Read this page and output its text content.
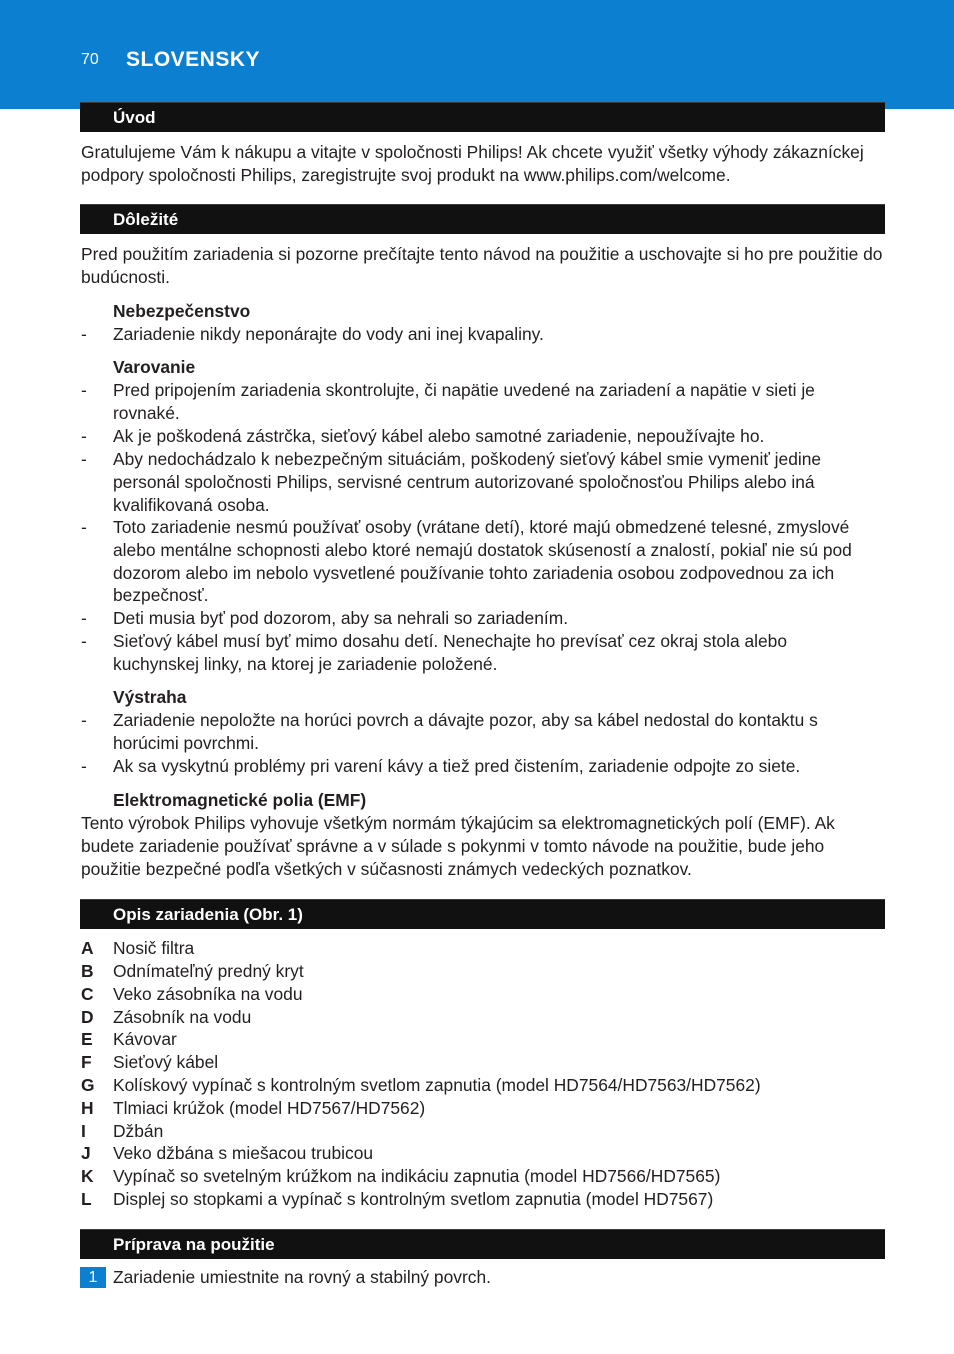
70 SLOVENSKY
Úvod

Gratulujeme Vám k nákupu a vitajte v spoločnosti Philips! Ak chcete využiť všetky výhody zákazníckej podpory spoločnosti Philips, zaregistrujte svoj produkt na www.philips.com/welcome.

Dôležité

Pred použitím zariadenia si pozorne prečítajte tento návod na použitie a uschovajte si ho pre použitie do budúcnosti.

Nebezpečenstvo
-	Zariadenie nikdy neponárajte do vody ani inej kvapaliny.
Varovanie
-	Pred pripojením zariadenia skontrolujte, či napätie uvedené na zariadení a napätie v sieti je rovnaké.
-	Ak je poškodená zástrčka, sieťový kábel alebo samotné zariadenie, nepoužívajte ho.
-	Aby nedochádzalo k nebezpečným situáciám, poškodený sieťový kábel smie vymeniť jedine personál spoločnosti Philips, servisné centrum autorizované spoločnosťou Philips alebo iná kvalifikovaná osoba.
-	Toto zariadenie nesmú používať osoby (vrátane detí), ktoré majú obmedzené telesné, zmyslové alebo mentálne schopnosti alebo ktoré nemajú dostatok skúseností a znalostí, pokiaľ nie sú pod dozorom alebo im nebolo vysvetlené používanie tohto zariadenia osobou zodpovednou za ich bezpečnosť.
-	Deti musia byť pod dozorom, aby sa nehrali so zariadením.
-	Sieťový kábel musí byť mimo dosahu detí. Nenechajte ho prevísať cez okraj stola alebo kuchynskej linky, na ktorej je zariadenie položené.
Výstraha
-	Zariadenie nepoložte na horúci povrch a dávajte pozor, aby sa kábel nedostal do kontaktu s horúcimi povrchmi.
-	Ak sa vyskytnú problémy pri varení kávy a tiež pred čistením, zariadenie odpojte zo siete.
Elektromagnetické polia (EMF)

Tento výrobok Philips vyhovuje všetkým normám týkajúcim sa elektromagnetických polí (EMF). Ak budete zariadenie používať správne a v súlade s pokynmi v tomto návode na použitie, bude jeho použitie bezpečné podľa všetkých v súčasnosti známych vedeckých poznatkov.

Opis zariadenia (Obr. 1)
A Nosič filtra
B Odnímateľný predný kryt
C Veko zásobníka na vodu
D Zásobník na vodu
E Kávovar
F Sieťový kábel
G Kolískový vypínač s kontrolným svetlom zapnutia (model HD7564/HD7563/HD7562)
H Tlmiaci krúžok (model HD7567/HD7562)
I Džbán
J Veko džbána s miešacou trubicou
K Vypínač so svetelným krúžkom na indikáciu zapnutia (model HD7566/HD7565)
L Displej so stopkami a vypínač s kontrolným svetlom zapnutia (model HD7567)
Príprava na použitie
1 Zariadenie umiestnite na rovný a stabilný povrch.
